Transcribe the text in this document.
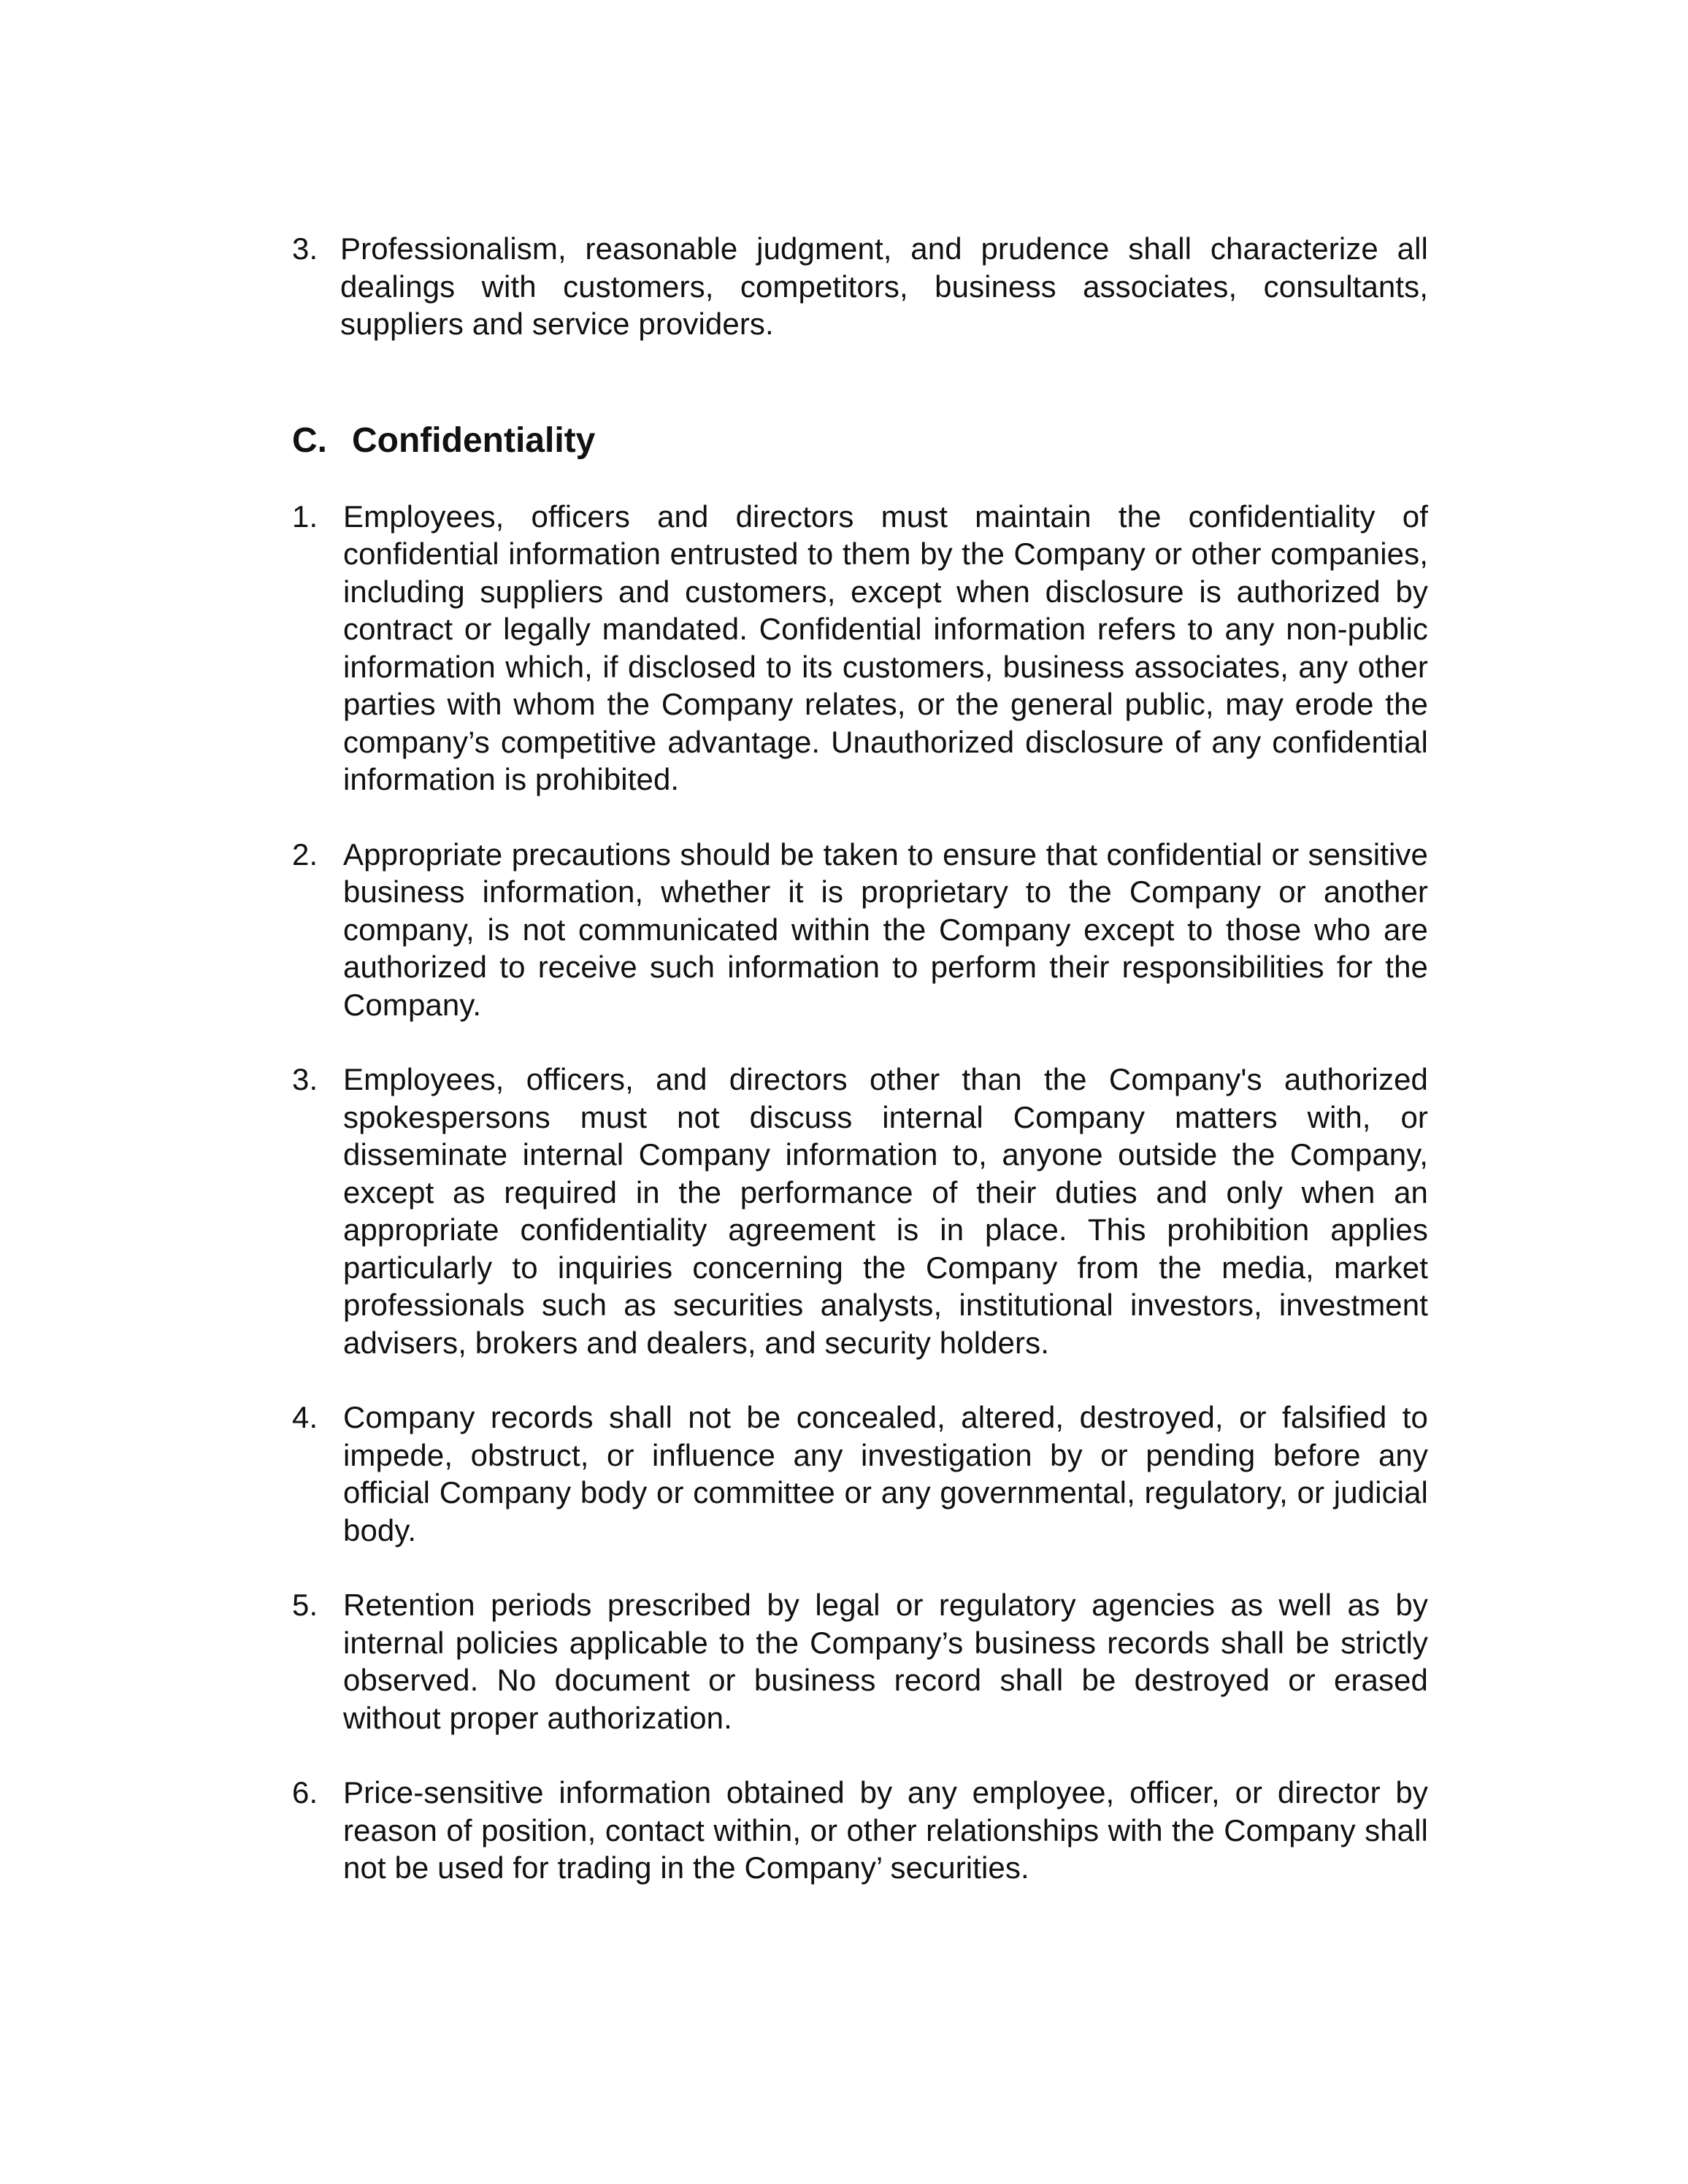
3. Professionalism, reasonable judgment, and prudence shall characterize all dealings with customers, competitors, business associates, consultants, suppliers and service providers.
C. Confidentiality
1. Employees, officers and directors must maintain the confidentiality of confidential information entrusted to them by the Company or other companies, including suppliers and customers, except when disclosure is authorized by contract or legally mandated. Confidential information refers to any non-public information which, if disclosed to its customers, business associates, any other parties with whom the Company relates, or the general public, may erode the company’s competitive advantage. Unauthorized disclosure of any confidential information is prohibited.
2. Appropriate precautions should be taken to ensure that confidential or sensitive business information, whether it is proprietary to the Company or another company, is not communicated within the Company except to those who are authorized to receive such information to perform their responsibilities for the Company.
3. Employees, officers, and directors other than the Company's authorized spokespersons must not discuss internal Company matters with, or disseminate internal Company information to, anyone outside the Company, except as required in the performance of their duties and only when an appropriate confidentiality agreement is in place. This prohibition applies particularly to inquiries concerning the Company from the media, market professionals such as securities analysts, institutional investors, investment advisers, brokers and dealers, and security holders.
4. Company records shall not be concealed, altered, destroyed, or falsified to impede, obstruct, or influence any investigation by or pending before any official Company body or committee or any governmental, regulatory, or judicial body.
5. Retention periods prescribed by legal or regulatory agencies as well as by internal policies applicable to the Company’s business records shall be strictly observed. No document or business record shall be destroyed or erased without proper authorization.
6. Price-sensitive information obtained by any employee, officer, or director by reason of position, contact within, or other relationships with the Company shall not be used for trading in the Company’ securities.
